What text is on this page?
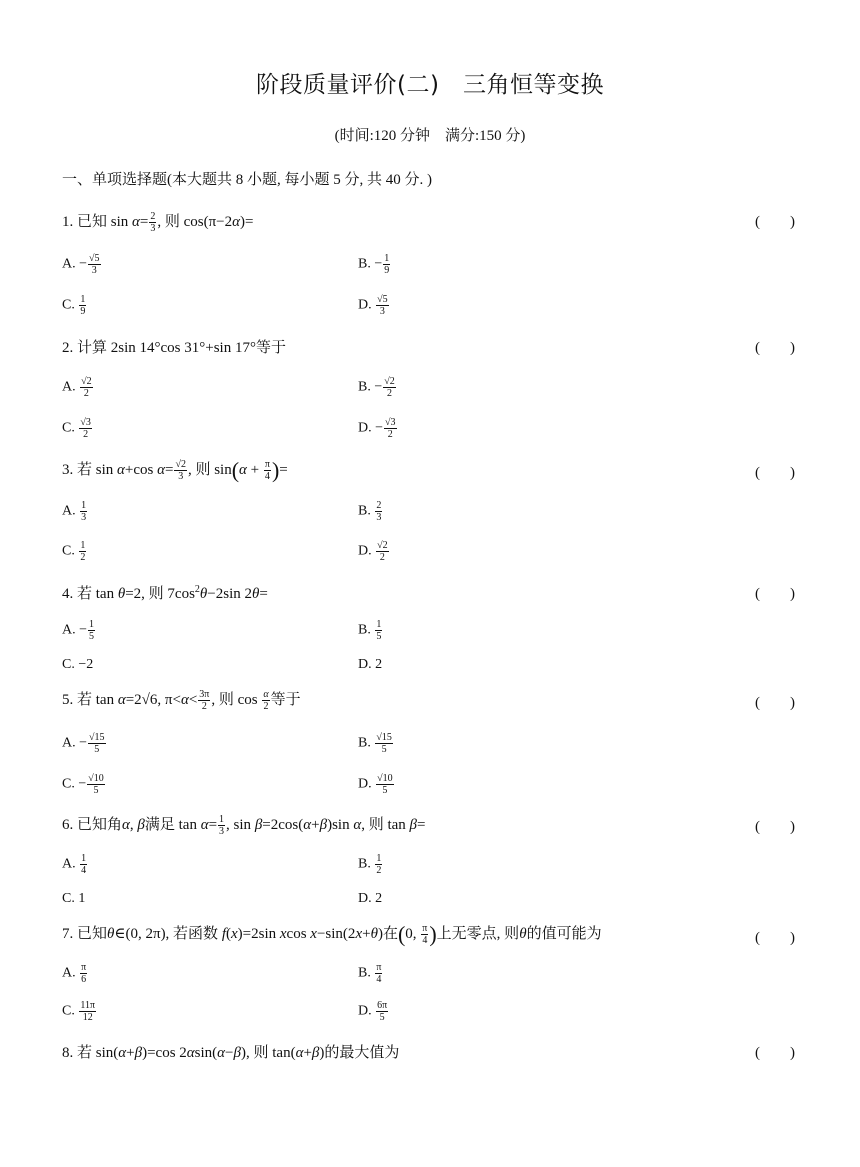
阶段质量评价(二)　三角恒等变换
(时间:120 分钟　满分:150 分)
一、单项选择题(本大题共 8 小题, 每小题 5 分, 共 40 分. )
1. 已知 $\sin \alpha= \frac{2}{3}$ , 则 cos(π−2α)=	(　　)
A. − $\frac{√5}{3}$	B. − $\frac{1}{9}$
C. $\frac{1}{9}$	D. $\frac{√5}{3}$
2. 计算 2sin 14°cos 31°+sin 17°等于	(　　)
A. $\frac{√2}{2}$	B. − $\frac{√2}{2}$
C. $\frac{√3}{2}$	D. − $\frac{√3}{2}$
3. 若 sin α+cos $\alpha= \frac{√2}{3}$ , 则 $\sin(\alpha + \frac{\pi}{4}$ )=	(　　)
A. $\frac{1}{3}$	B. $\frac{2}{3}$
C. $\frac{1}{2}$	D. $\frac{√2}{2}$
4. 若 tan θ=2, 则 $7\cos^2\theta-2\sin$ 2θ=	(　　)
A. − $\frac{1}{5}$	B. $\frac{1}{5}$
C. −2	D. 2
5. 若 tan α=2√6, $\pi<\alpha< \frac{3\pi}{2}$ , 则 $\cos \frac{\alpha}{2}$ 等于	(　　)
A. − $\frac{√15}{5}$	B. $\frac{√15}{5}$
C. − $\frac{√10}{5}$	D. $\frac{√10}{5}$
6. 已知角α, β满足 $\tan \alpha= \frac{1}{3}$ , sin β=2cos(α+β)sin α, 则 tan β=	(　　)
A. $\frac{1}{4}$	B. $\frac{1}{2}$
C. 1	D. 2
7. 已知θ∈(0, 2π), 若函数 f(x)=2sin xcos x−sin(2x+θ)在(0, $\frac{\pi}{4}$ )上无零点, 则θ的值可能为	(　　)
A. $\frac{\pi}{6}$	B. $\frac{\pi}{4}$
C. $\frac{11\pi}{12}$	D. $\frac{6\pi}{5}$
8. 若 sin(α+β)=cos 2αsin(α−β), 则 tan(α+β)的最大值为	(　　)
